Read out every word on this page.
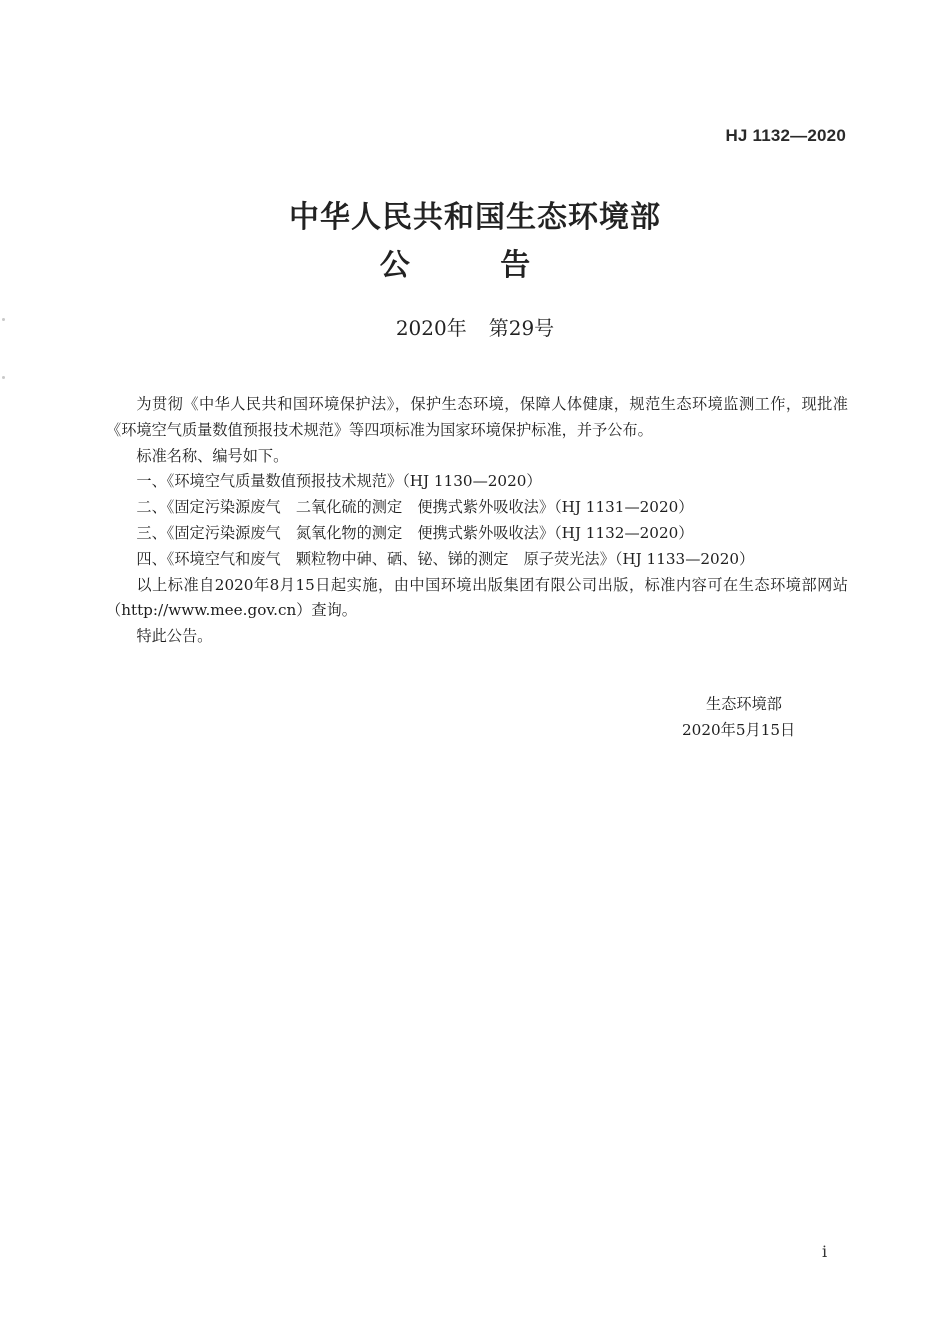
HJ 1132—2020
中华人民共和国生态环境部
公 告
2020年 第29号

为贯彻《中华人民共和国环境保护法》，保护生态环境，保障人体健康，规范生态环境监测工作，现批准《环境空气质量数值预报技术规范》等四项标准为国家环境保护标准，并予公布。

标准名称、编号如下。

一、《环境空气质量数值预报技术规范》（HJ 1130—2020）

二、《固定污染源废气　二氧化硫的测定　便携式紫外吸收法》（HJ 1131—2020）

三、《固定污染源废气　氮氧化物的测定　便携式紫外吸收法》（HJ 1132—2020）

四、《环境空气和废气　颗粒物中砷、硒、铋、锑的测定　原子荧光法》（HJ 1133—2020）

以上标准自2020年8月15日起实施，由中国环境出版集团有限公司出版，标准内容可在生态环境部网站（http://www.mee.gov.cn）查询。

特此公告。

生态环境部
2020年5月15日
i
